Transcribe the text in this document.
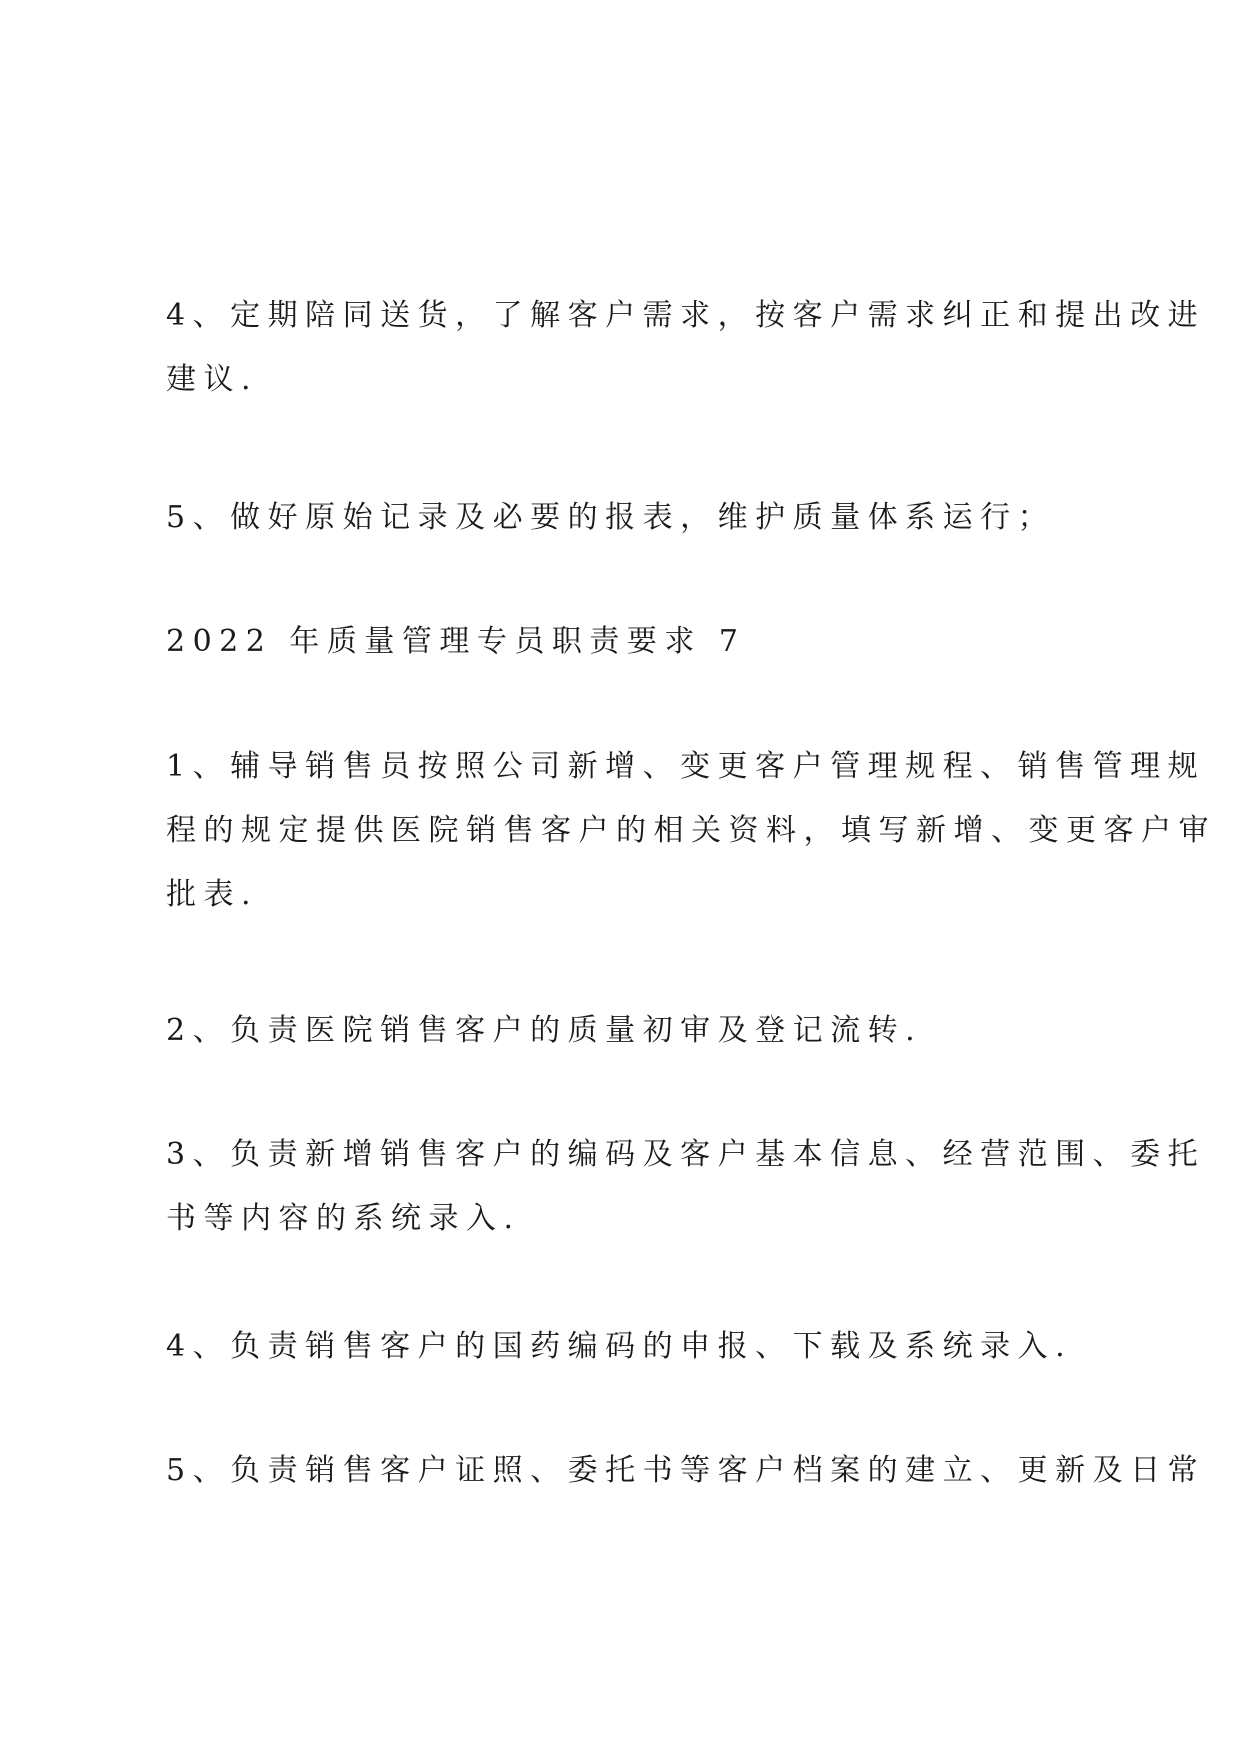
4、定期陪同送货，了解客户需求，按客户需求纠正和提出改进
建议.

5、做好原始记录及必要的报表，维护质量体系运行；

2022 年质量管理专员职责要求 7

1、辅导销售员按照公司新增、变更客户管理规程、销售管理规
程的规定提供医院销售客户的相关资料，填写新增、变更客户审
批表.

2、负责医院销售客户的质量初审及登记流转.

3、负责新增销售客户的编码及客户基本信息、经营范围、委托
书等内容的系统录入.

4、负责销售客户的国药编码的申报、下载及系统录入.

5、负责销售客户证照、委托书等客户档案的建立、更新及日常
